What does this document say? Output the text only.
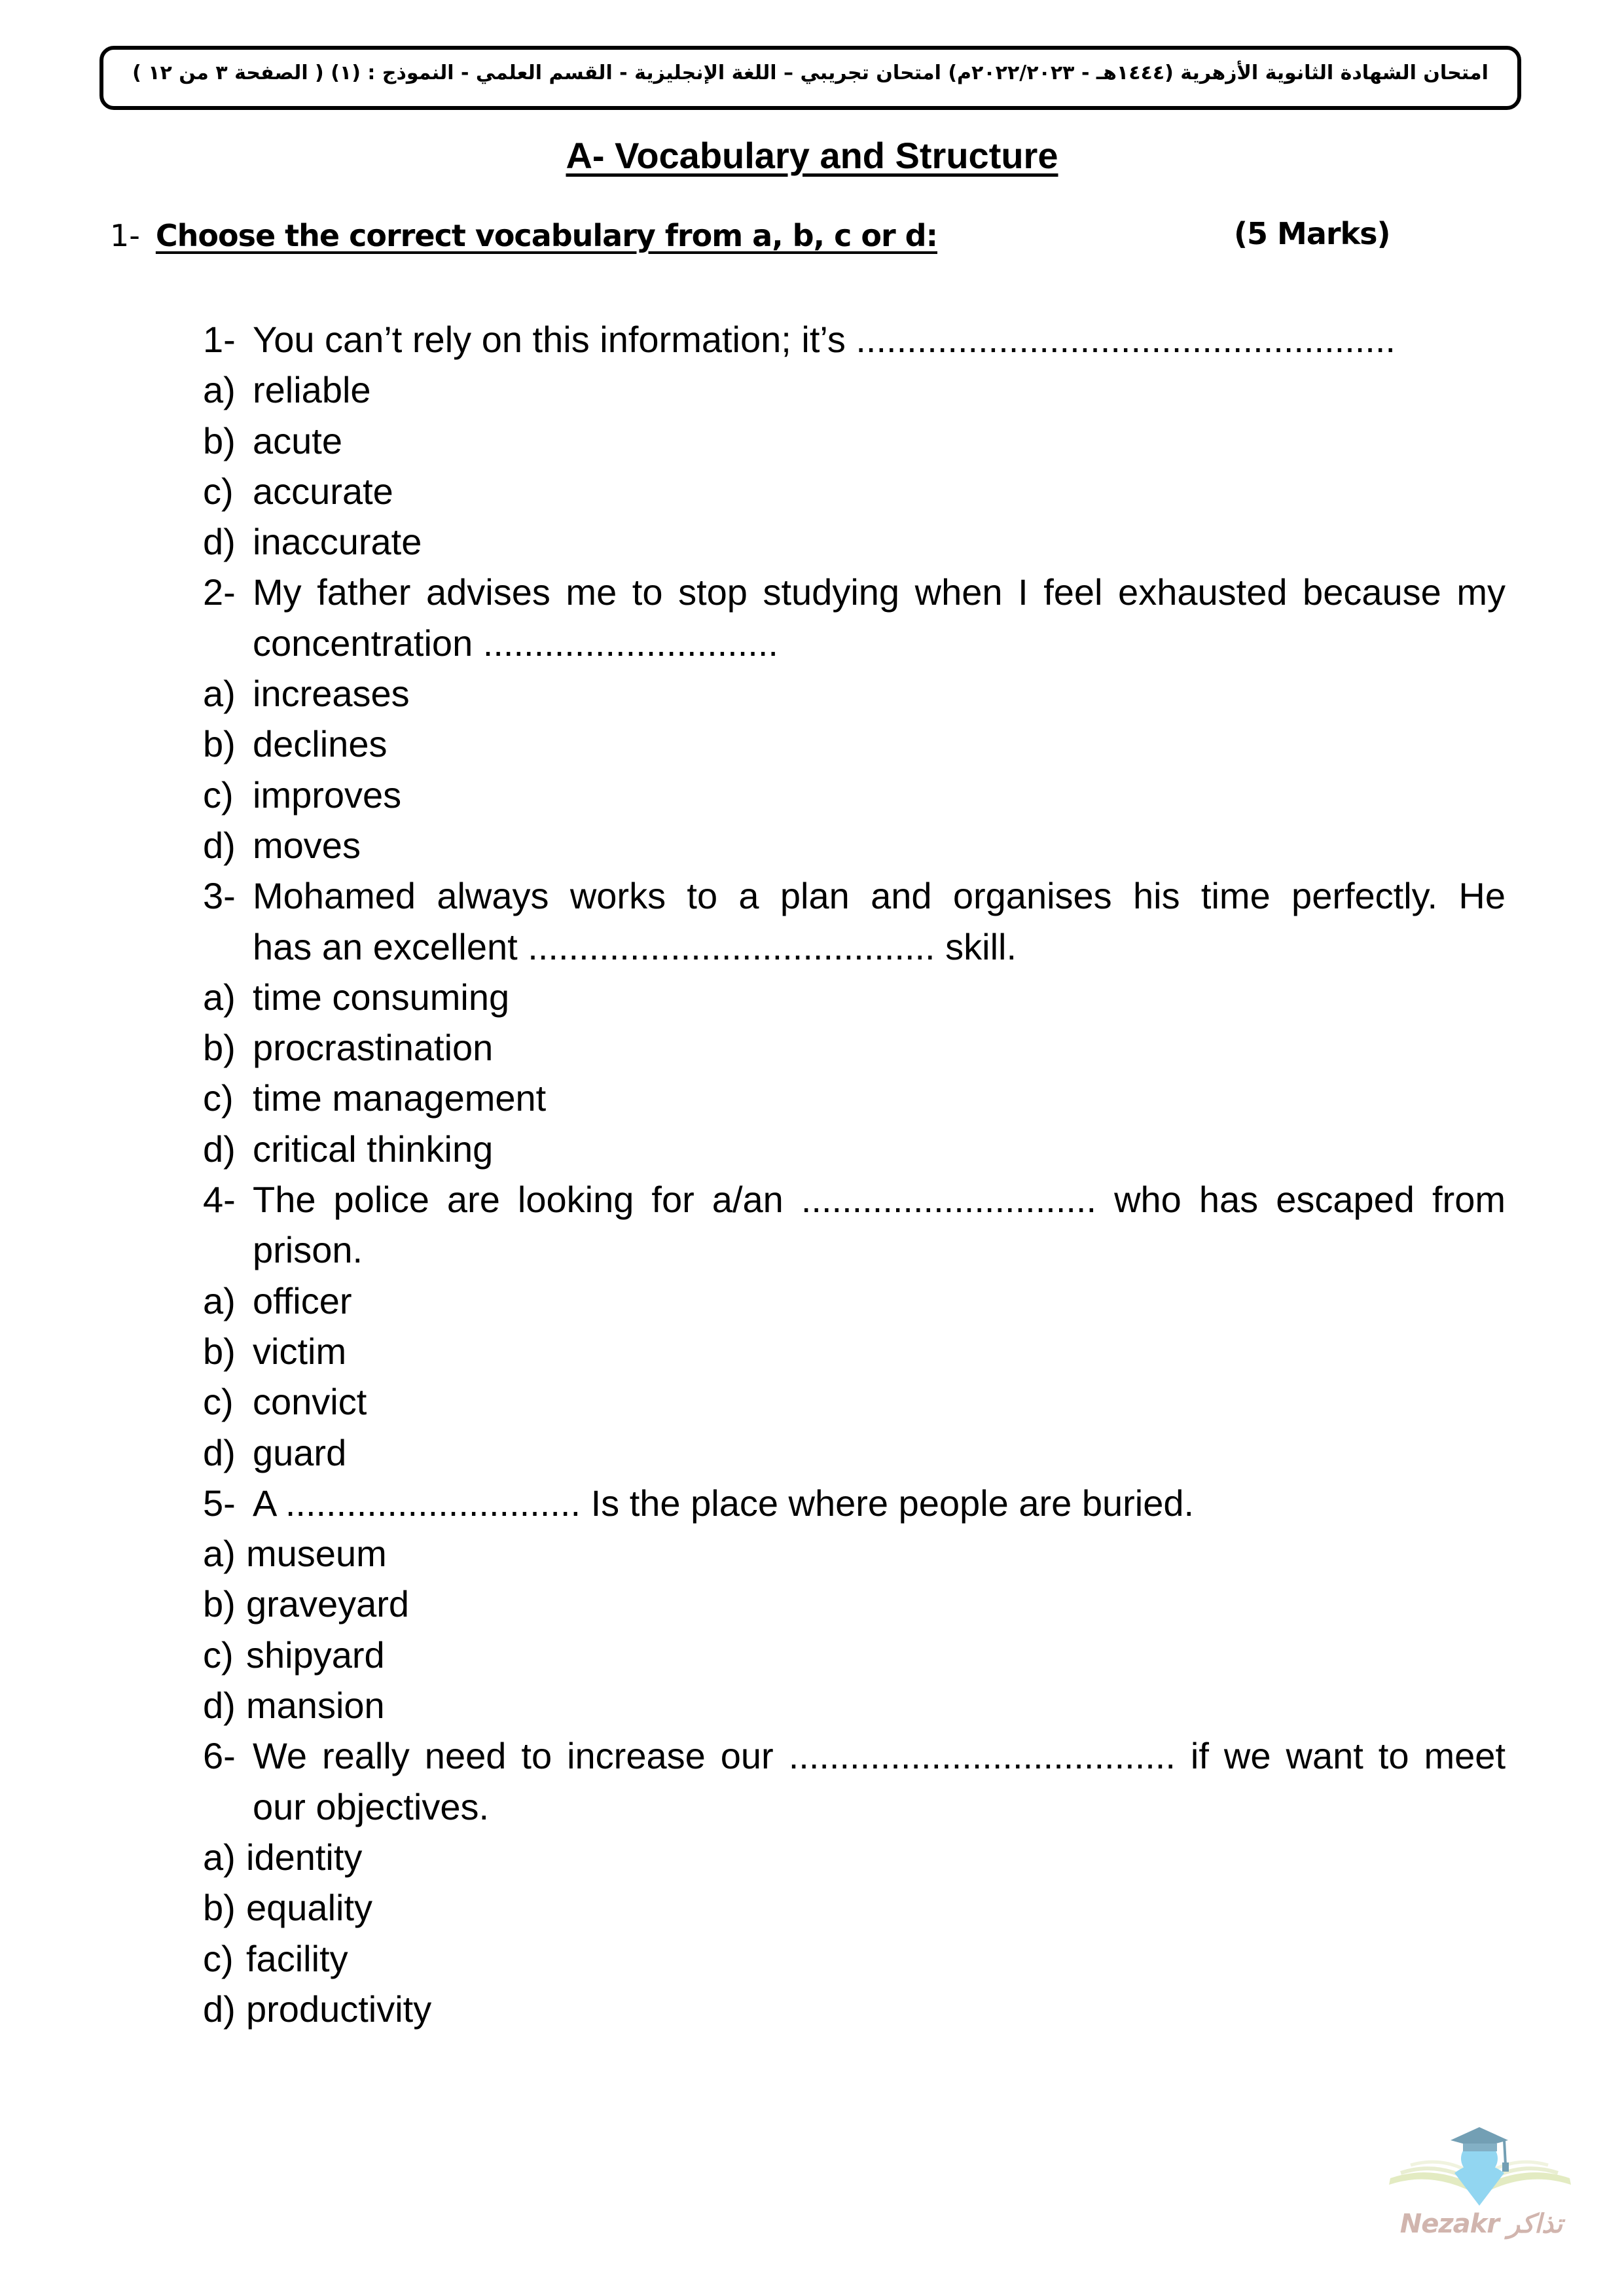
امتحان الشهادة الثانوية الأزهرية (١٤٤٤هـ - ٢٠٢٢/٢٠٢٣م) امتحان تجريبي – اللغة الإنجليزية - القسم العلمي - النموذج : (١) ( الصفحة ٣ من ١٢ )
A- Vocabulary and Structure
1- Choose the correct vocabulary from a, b, c or d:	(5 Marks)
1- You can’t rely on this information; it’s .....................................................
a) reliable
b) acute
c) accurate
d) inaccurate
2- My father advises me to stop studying when I feel exhausted because my
concentration .............................
a) increases
b) declines
c) improves
d) moves
3- Mohamed always works to a plan and organises his time perfectly. He
has an excellent ........................................ skill.
a) time consuming
b) procrastination
c) time management
d) critical thinking
4- The police are looking for a/an ............................. who has escaped from
prison.
a) officer
b) victim
c) convict
d) guard
5- A ............................. Is the place where people are buried.
a) museum
b) graveyard
c) shipyard
d) mansion
6- We really need to increase our ...................................... if we want to meet
our objectives.
a) identity
b) equality
c) facility
d) productivity
Nezakr تذاكر
